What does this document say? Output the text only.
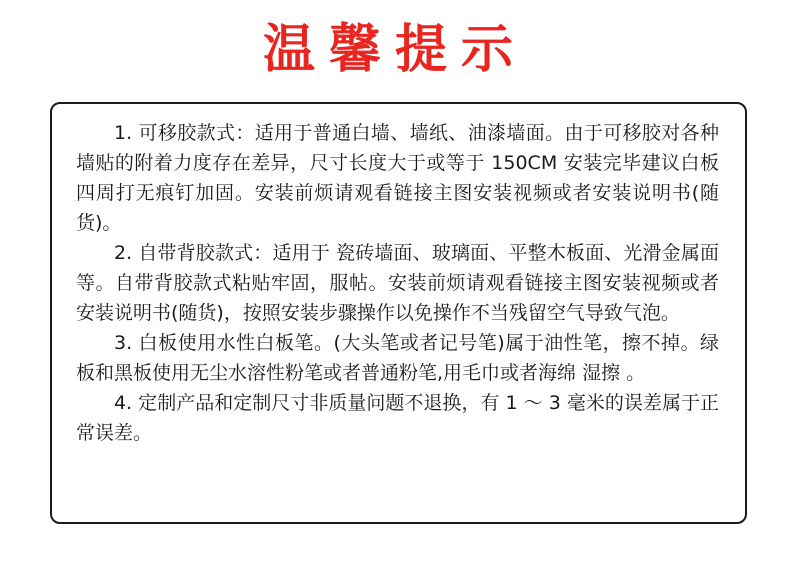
温馨提示

1. 可移胶款式：适用于普通白墙、墙纸、油漆墙面。由于可移胶对各种墙贴的附着力度存在差异，尺寸长度大于或等于 150CM 安装完毕建议白板四周打无痕钉加固。安装前烦请观看链接主图安装视频或者安装说明书(随货)。

2. 自带背胶款式：适用于 瓷砖墙面、玻璃面、平整木板面、光滑金属面等。自带背胶款式粘贴牢固，服帖。安装前烦请观看链接主图安装视频或者安装说明书(随货)，按照安装步骤操作以免操作不当残留空气导致气泡。

3. 白板使用水性白板笔。(大头笔或者记号笔)属于油性笔，擦不掉。绿板和黑板使用无尘水溶性粉笔或者普通粉笔,用毛巾或者海绵 湿擦 。

4. 定制产品和定制尺寸非质量问题不退换，有 1 ～ 3 毫米的误差属于正常误差。
